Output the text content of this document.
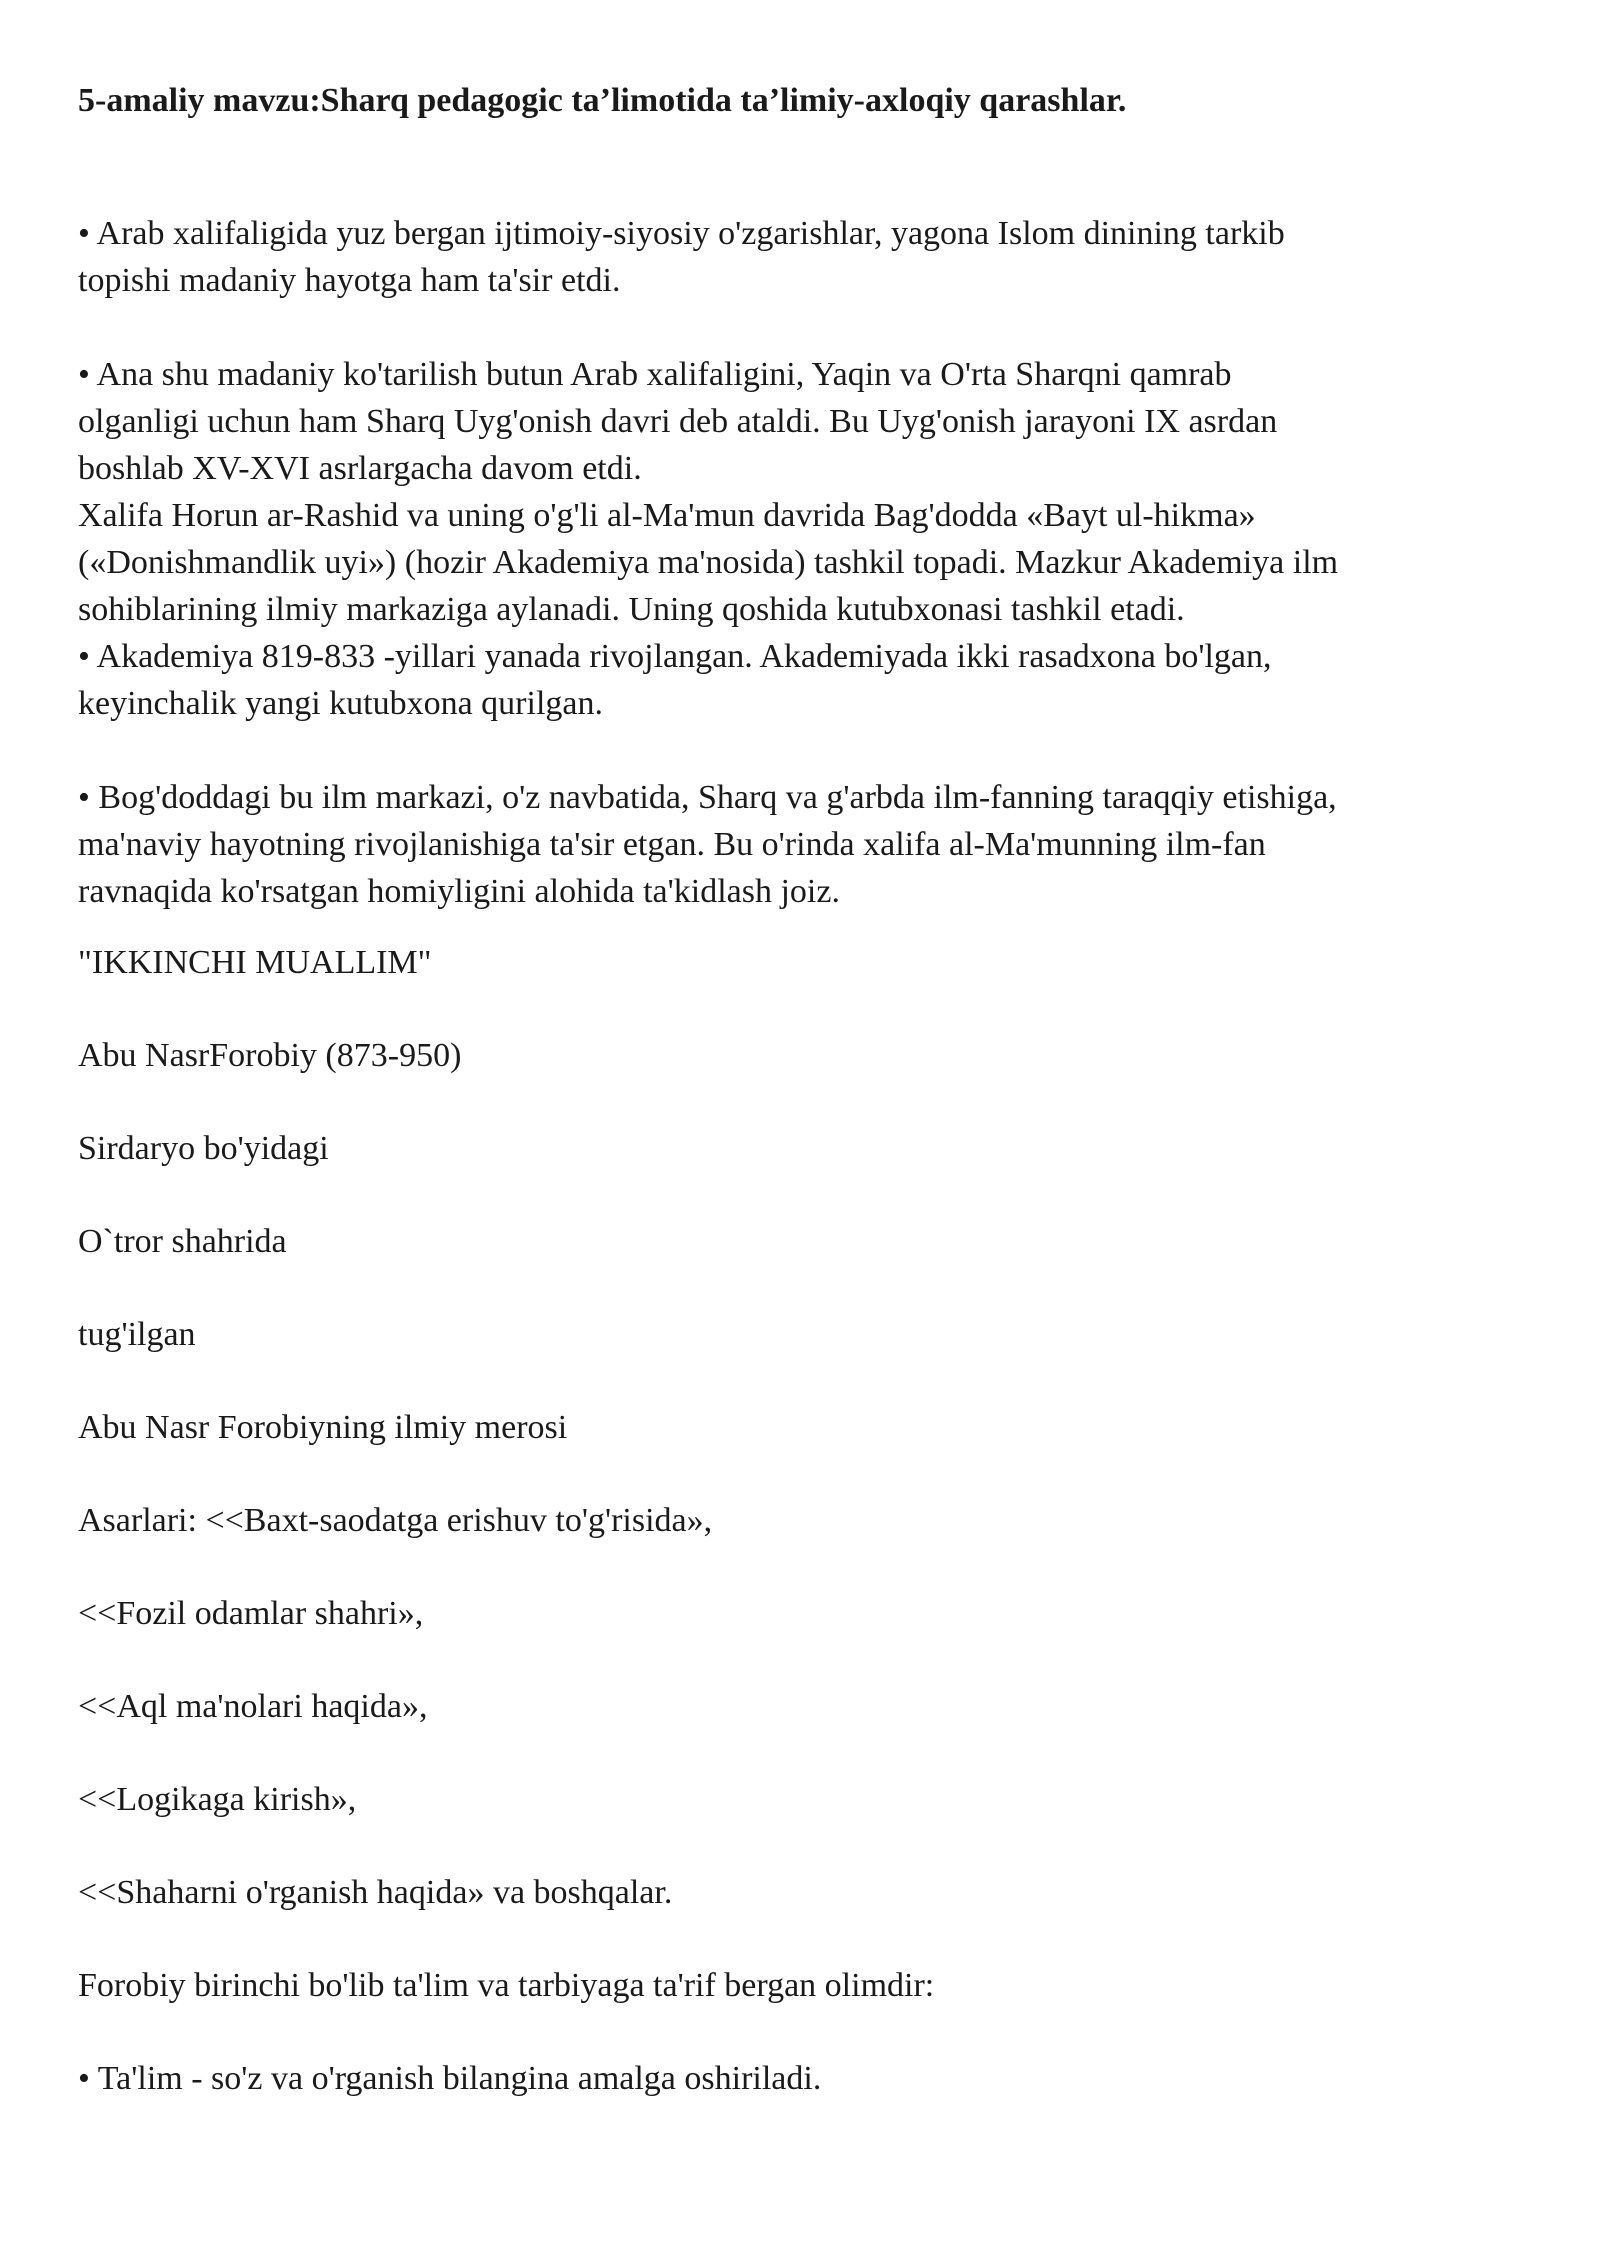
5-amaliy mavzu:Sharq pedagogic ta’limotida ta’limiy-axloqiy qarashlar.

• Arab xalifaligida yuz bergan ijtimoiy-siyosiy o'zgarishlar, yagona Islom dinining tarkib
topishi madaniy hayotga ham ta'sir etdi.

• Ana shu madaniy ko'tarilish butun Arab xalifaligini, Yaqin va O'rta Sharqni qamrab
olganligi uchun ham Sharq Uyg'onish davri deb ataldi. Bu Uyg'onish jarayoni IX asrdan
boshlab XV-XVI asrlargacha davom etdi.
Xalifa Horun ar-Rashid va uning o'g'li al-Ma'mun davrida Bag'dodda «Bayt ul-hikma»
(«Donishmandlik uyi») (hozir Akademiya ma'nosida) tashkil topadi. Mazkur Akademiya ilm
sohiblarining ilmiy markaziga aylanadi. Uning qoshida kutubxonasi tashkil etadi.
• Akademiya 819-833 -yillari yanada rivojlangan. Akademiyada ikki rasadxona bo'lgan,
keyinchalik yangi kutubxona qurilgan.

• Bog'doddagi bu ilm markazi, o'z navbatida, Sharq va g'arbda ilm-fanning taraqqiy etishiga,
ma'naviy hayotning rivojlanishiga ta'sir etgan. Bu o'rinda xalifa al-Ma'munning ilm-fan
ravnaqida ko'rsatgan homiyligini alohida ta'kidlash joiz.

"IKKINCHI MUALLIM"

Abu NasrForobiy (873-950)

Sirdaryo bo'yidagi

O`tror shahrida

tug'ilgan

Abu Nasr Forobiyning ilmiy merosi

Asarlari: <<Baxt-saodatga erishuv to'g'risida»,

<<Fozil odamlar shahri»,

<<Aql ma'nolari haqida»,

<<Logikaga kirish»,

<<Shaharni o'rganish haqida» va boshqalar.

Forobiy birinchi bo'lib ta'lim va tarbiyaga ta'rif bergan olimdir:

• Ta'lim - so'z va o'rganish bilangina amalga oshiriladi.
